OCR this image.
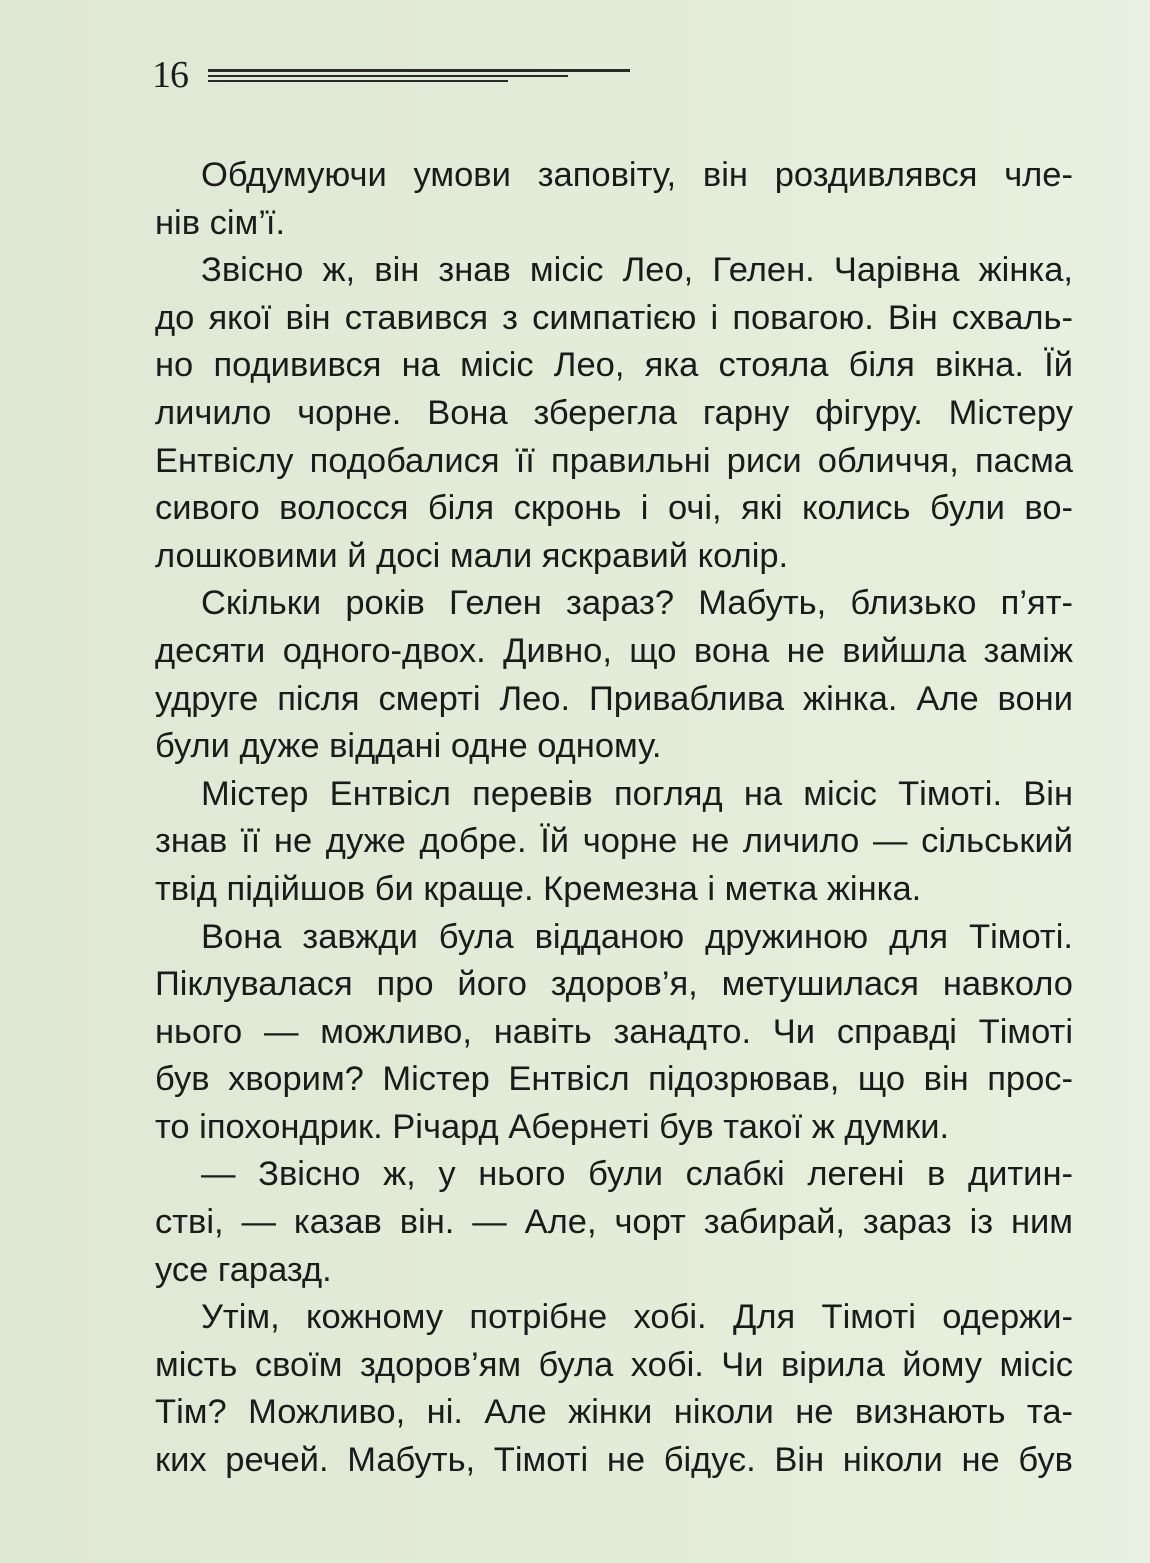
16
Обдумуючи умови заповіту, він роздивлявся чле-
нів сім’ї.
Звісно ж, він знав місіс Лео, Гелен. Чарівна жінка,
до якої він ставився з симпатією і повагою. Він схваль-
но подивився на місіс Лео, яка стояла біля вікна. Їй
личило чорне. Вона зберегла гарну фігуру. Містеру
Ентвіслу подобалися її правильні риси обличчя, пасма
сивого волосся біля скронь і очі, які колись були во-
лошковими й досі мали яскравий колір.
Скільки років Гелен зараз? Мабуть, близько п’ят-
десяти одного-двох. Дивно, що вона не вийшла заміж
удруге після смерті Лео. Приваблива жінка. Але вони
були дуже віддані одне одному.
Містер Ентвісл перевів погляд на місіс Тімоті. Він
знав її не дуже добре. Їй чорне не личило — сільський
твід підійшов би краще. Кремезна і метка жінка.
Вона завжди була відданою дружиною для Тімоті.
Піклувалася про його здоров’я, метушилася навколо
нього — можливо, навіть занадто. Чи справді Тімоті
був хворим? Містер Ентвісл підозрював, що він прос-
то іпохондрик. Річард Абернеті був такої ж думки.
— Звісно ж, у нього були слабкі легені в дитин-
стві, — казав він. — Але, чорт забирай, зараз із ним
усе гаразд.
Утім, кожному потрібне хобі. Для Тімоті одержи-
мість своїм здоров’ям була хобі. Чи вірила йому місіс
Тім? Можливо, ні. Але жінки ніколи не визнають та-
ких речей. Мабуть, Тімоті не бідує. Він ніколи не був
